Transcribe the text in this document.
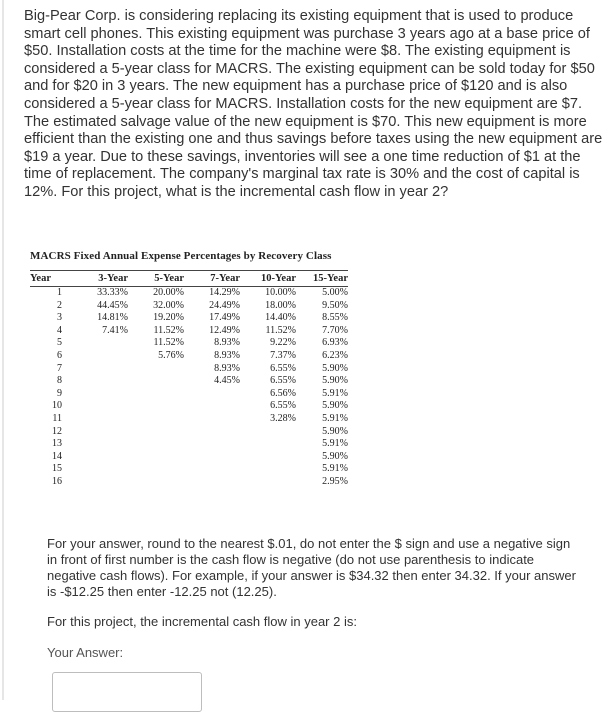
Big-Pear Corp. is considering replacing its existing equipment that is used to produce smart cell phones. This existing equipment was purchase 3 years ago at a base price of $50. Installation costs at the time for the machine were $8. The existing equipment is considered a 5-year class for MACRS. The existing equipment can be sold today for $50 and for $20 in 3 years. The new equipment has a purchase price of $120 and is also considered a 5-year class for MACRS. Installation costs for the new equipment are $7. The estimated salvage value of the new equipment is $70. This new equipment is more efficient than the existing one and thus savings before taxes using the new equipment are $19 a year. Due to these savings, inventories will see a one time reduction of $1 at the time of replacement. The company's marginal tax rate is 30% and the cost of capital is 12%. For this project, what is the incremental cash flow in year 2?
MACRS Fixed Annual Expense Percentages by Recovery Class
Year	3-Year	5-Year	7-Year	10-Year	15-Year

1	33.33%	20.00%	14.29%	10.00%	5.00%
2	44.45%	32.00%	24.49%	18.00%	9.50%
3	14.81%	19.20%	17.49%	14.40%	8.55%
4	7.41%	11.52%	12.49%	11.52%	7.70%
5		11.52%	8.93%	9.22%	6.93%
6		5.76%	8.93%	7.37%	6.23%
7			8.93%	6.55%	5.90%
8			4.45%	6.55%	5.90%
9				6.56%	5.91%
10				6.55%	5.90%
11				3.28%	5.91%
12					5.90%
13					5.91%
14					5.90%
15					5.91%
16					2.95%
For your answer, round to the nearest $.01, do not enter the $ sign and use a negative sign in front of first number is the cash flow is negative (do not use parenthesis to indicate negative cash flows). For example, if your answer is $34.32 then enter 34.32. If your answer is -$12.25 then enter -12.25 not (12.25).
For this project, the incremental cash flow in year 2 is:
Your Answer:
